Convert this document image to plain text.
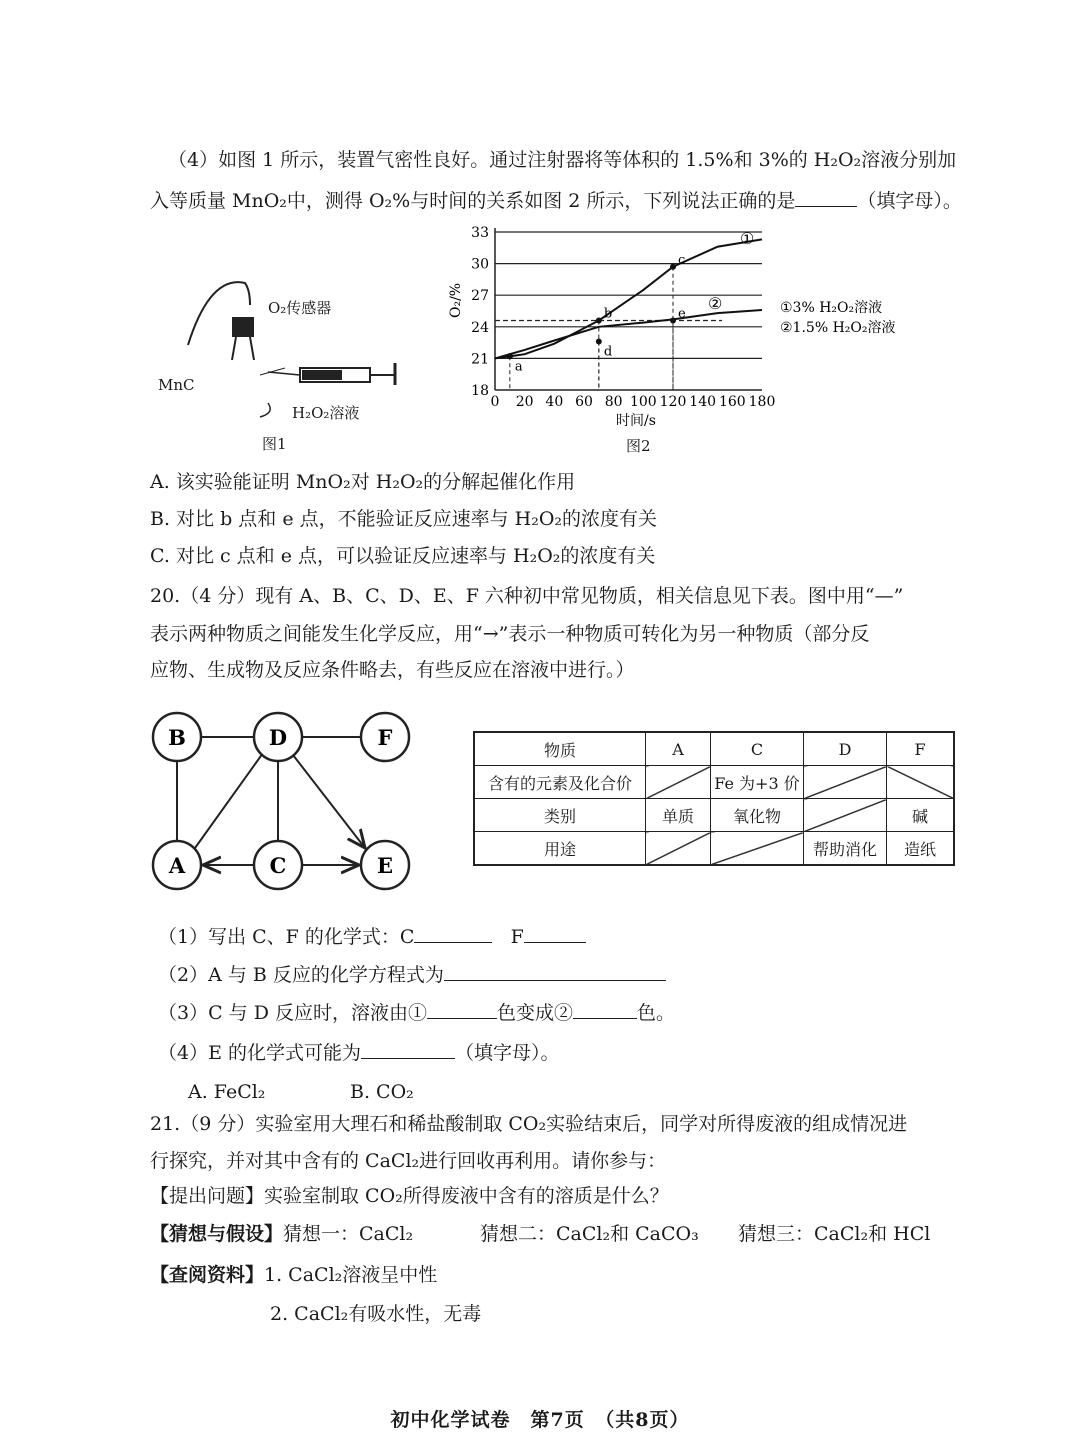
（4）如图 1 所示，装置气密性良好。通过注射器将等体积的 1.5%和 3%的 H₂O₂溶液分别加
入等质量 MnO₂中，测得 O₂%与时间的关系如图 2 所示，下列说法正确的是	（填字母）。
O₂传感器
MnC
H₂O₂溶液
图1
18
21
24
27
30
33
0 20 40 60 80 100 120 140 160 180
a
b
c
d
e
O₂/%
时间/s
①
②	①3% H₂O₂溶液
②1.5% H₂O₂溶液
图2
A. 该实验能证明 MnO₂对 H₂O₂的分解起催化作用
B. 对比 b 点和 e 点，不能验证反应速率与 H₂O₂的浓度有关
C. 对比 c 点和 e 点，可以验证反应速率与 H₂O₂的浓度有关
20.（4 分）现有 A、B、C、D、E、F 六种初中常见物质，相关信息见下表。图中用“—”
表示两种物质之间能发生化学反应，用“→”表示一种物质可转化为另一种物质（部分反
应物、生成物及反应条件略去，有些反应在溶液中进行。）
B	D	F
A	C	E
物质	A	C	D	F
含有的元素及化合价		Fe 为+3 价		
类别	单质	氧化物		碱
用途			帮助消化	造纸
（1）写出 C、F 的化学式：C	F
（2）A 与 B 反应的化学方程式为
（3）C 与 D 反应时，溶液由①	色变成②	色。
（4）E 的化学式可能为	（填字母）。
A. FeCl₂	B. CO₂
21.（9 分）实验室用大理石和稀盐酸制取 CO₂实验结束后，同学对所得废液的组成情况进
行探究，并对其中含有的 CaCl₂进行回收再利用。请你参与：
【提出问题】实验室制取 CO₂所得废液中含有的溶质是什么？
【猜想与假设】猜想一：CaCl₂	猜想二：CaCl₂和 CaCO₃ 猜想三：CaCl₂和 HCl
【查阅资料】1. CaCl₂溶液呈中性
2. CaCl₂有吸水性，无毒
初中化学试卷　第7页　（共8页）
